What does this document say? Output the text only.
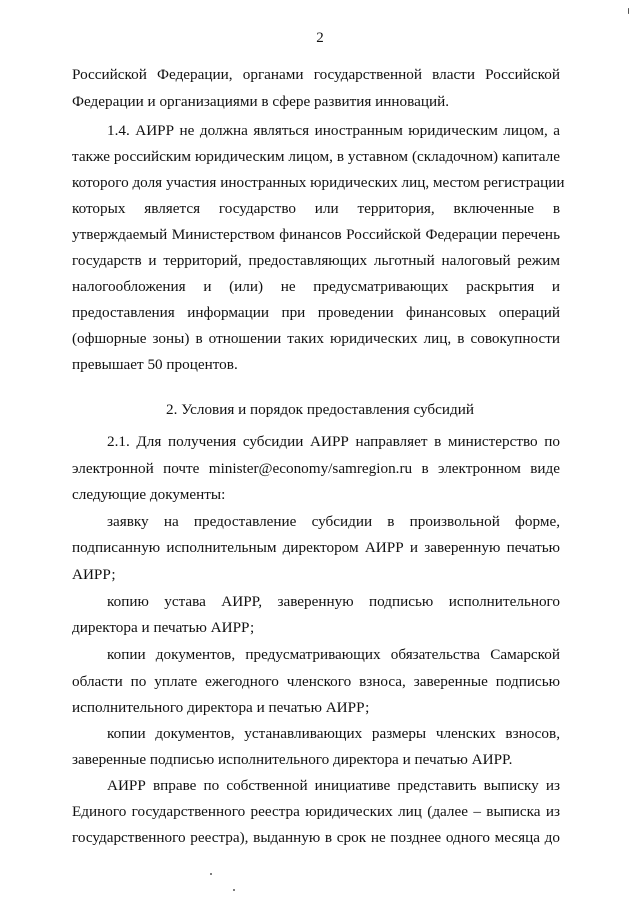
2
Российской Федерации, органами государственной власти Российской
Федерации и организациями в сфере развития инноваций.
1.4. АИРР не должна являться иностранным юридическим лицом, а
также российским юридическим лицом, в уставном (складочном) капитале
которого доля участия иностранных юридических лиц, местом регистрации
которых является государство или территория, включенные в
утверждаемый Министерством финансов Российской Федерации перечень
государств и территорий, предоставляющих льготный налоговый режим
налогообложения и (или) не предусматривающих раскрытия и
предоставления информации при проведении финансовых операций
(офшорные зоны) в отношении таких юридических лиц, в совокупности
превышает 50 процентов.
2. Условия и порядок предоставления субсидий
2.1. Для получения субсидии АИРР направляет в министерство по
электронной почте minister@economy/samregion.ru в электронном виде
следующие документы:
заявку на предоставление субсидии в произвольной форме,
подписанную исполнительным директором АИРР и заверенную печатью
АИРР;
копию устава АИРР, заверенную подписью исполнительного
директора и печатью АИРР;
копии документов, предусматривающих обязательства Самарской
области по уплате ежегодного членского взноса, заверенные подписью
исполнительного директора и печатью АИРР;
копии документов, устанавливающих размеры членских взносов,
заверенные подписью исполнительного директора и печатью АИРР.
АИРР вправе по собственной инициативе представить выписку из
Единого государственного реестра юридических лиц (далее – выписка из
государственного реестра), выданную в срок не позднее одного месяца до
